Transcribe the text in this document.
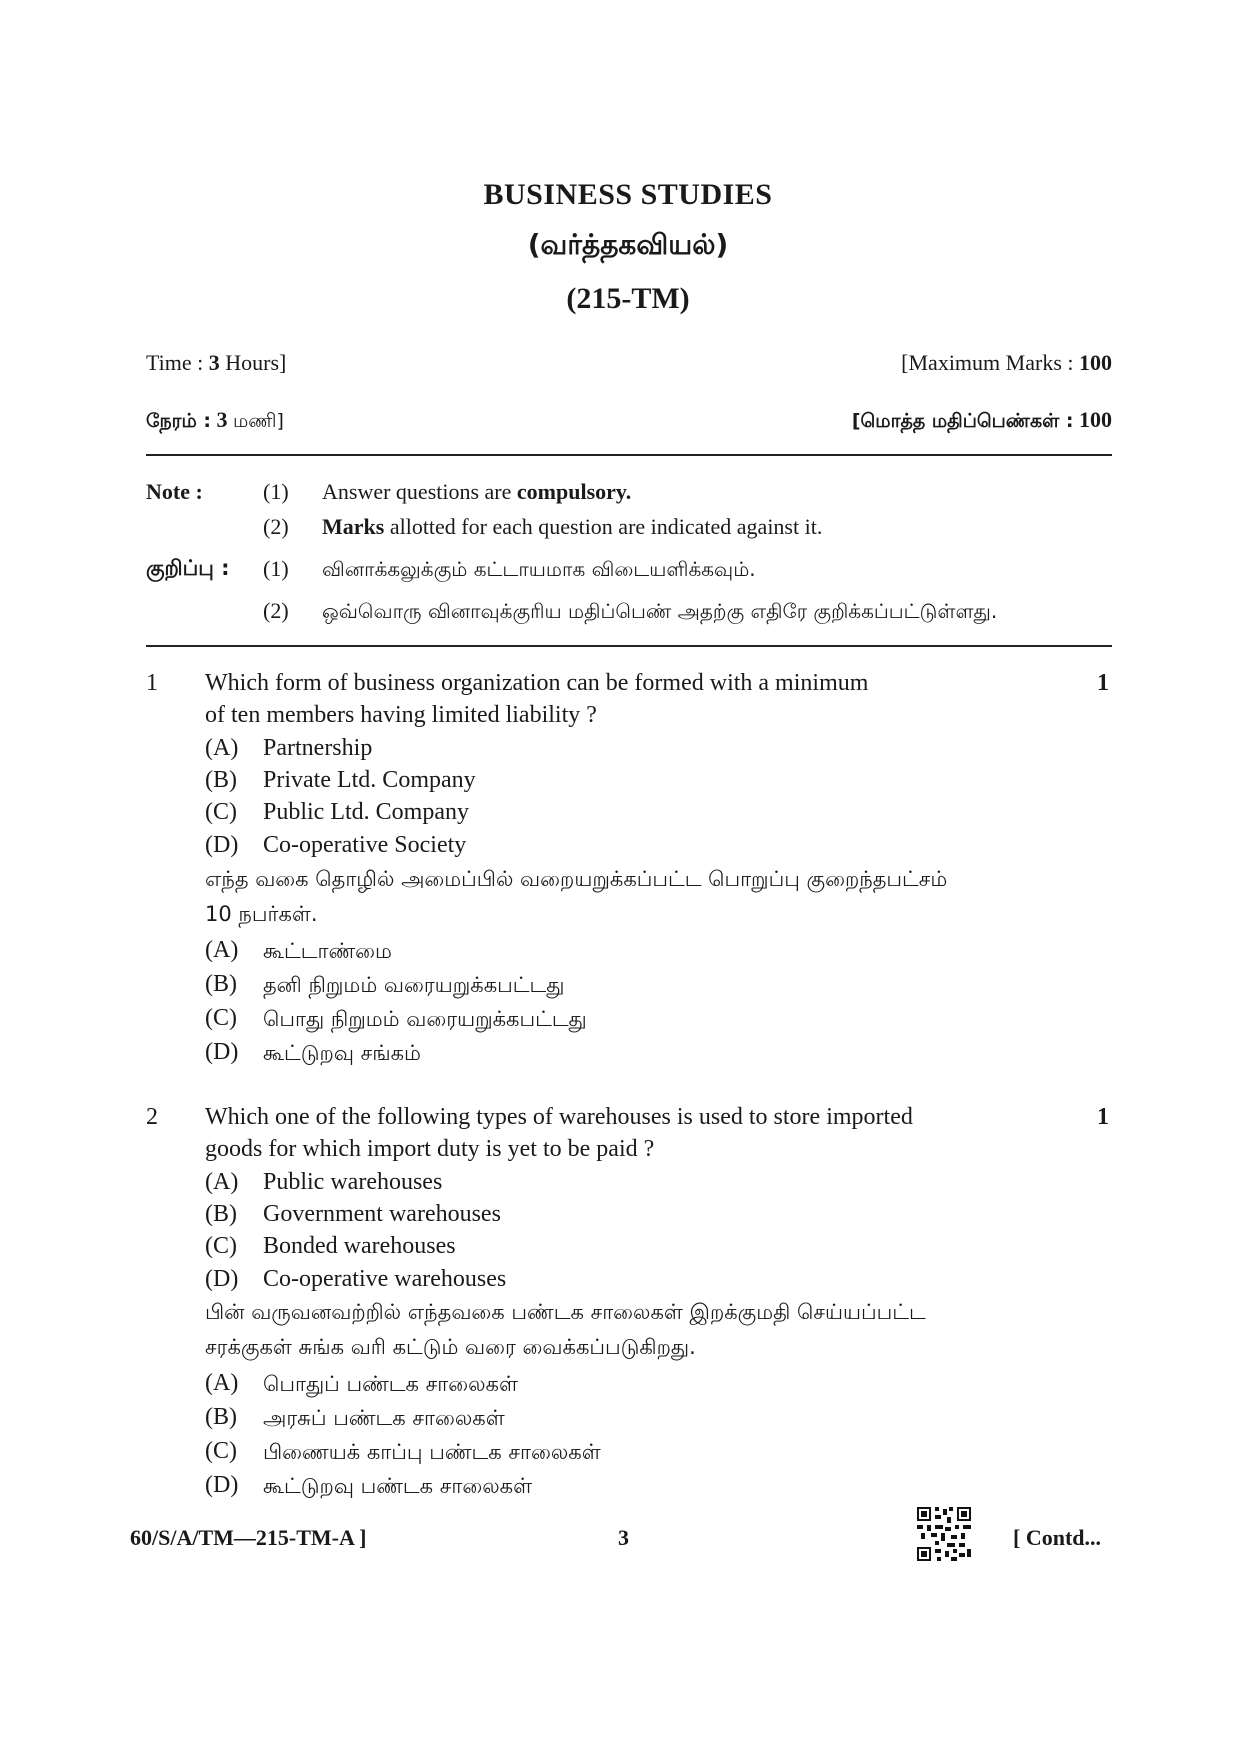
BUSINESS STUDIES
(வர்த்தகவியல்)
(215-TM)
Time : 3 Hours]	[Maximum Marks : 100
நேரம் : 3 மணி]	[மொத்த மதிப்பெண்கள் : 100
Note :	(1) Answer questions are compulsory.
(2) Marks allotted for each question are indicated against it.
குறிப்பு : (1) வினாக்கலுக்கும் கட்டாயமாக விடையளிக்கவும்.
(2) ஒவ்வொரு வினாவுக்குரிய மதிப்பெண் அதற்கு எதிரே குறிக்கப்பட்டுள்ளது.
1	1
Which form of business organization can be formed with a minimum
of ten members having limited liability ?
(A) Partnership
(B) Private Ltd. Company
(C) Public Ltd. Company
(D) Co-operative Society
எந்த வகை தொழில் அமைப்பில் வறையறுக்கப்பட்ட பொறுப்பு குறைந்தபட்சம்
10 நபர்கள்.
(A) கூட்டாண்மை
(B) தனி நிறுமம் வரையறுக்கபட்டது
(C) பொது நிறுமம் வரையறுக்கபட்டது
(D) கூட்டுறவு சங்கம்
2	1
Which one of the following types of warehouses is used to store imported
goods for which import duty is yet to be paid ?
(A) Public warehouses
(B) Government warehouses
(C) Bonded warehouses
(D) Co-operative warehouses
பின் வருவனவற்றில் எந்தவகை பண்டக சாலைகள் இறக்குமதி செய்யப்பட்ட
சரக்குகள் சுங்க வரி கட்டும் வரை வைக்கப்படுகிறது.
(A) பொதுப் பண்டக சாலைகள்
(B) அரசுப் பண்டக சாலைகள்
(C) பிணையக் காப்பு பண்டக சாலைகள்
(D) கூட்டுறவு பண்டக சாலைகள்
60/S/A/TM—215-TM-A ]	3	[ Contd...
